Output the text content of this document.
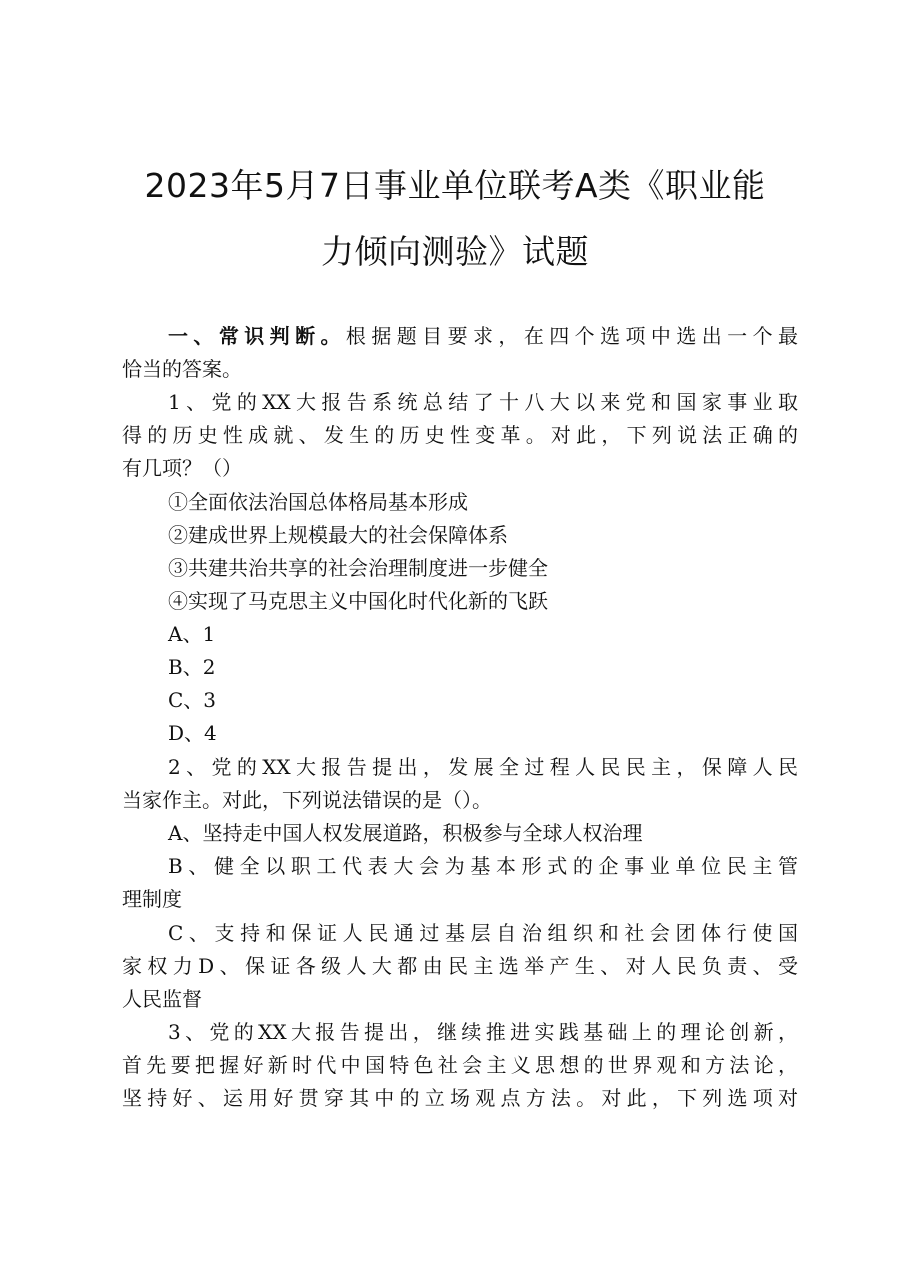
2023年5月7日事业单位联考A类《职业能
力倾向测验》试题
一、常识判断。根据题目要求，在四个选项中选出一个最
恰当的答案。
1、党的XX大报告系统总结了十八大以来党和国家事业取
得的历史性成就、发生的历史性变革。对此，下列说法正确的
有几项？（）
①全面依法治国总体格局基本形成
②建成世界上规模最大的社会保障体系
③共建共治共享的社会治理制度进一步健全
④实现了马克思主义中国化时代化新的飞跃
A、1
B、2
C、3
D、4
2、党的XX大报告提出，发展全过程人民民主，保障人民
当家作主。对此，下列说法错误的是（）。
A、坚持走中国人权发展道路，积极参与全球人权治理
B、健全以职工代表大会为基本形式的企事业单位民主管
理制度
C、支持和保证人民通过基层自治组织和社会团体行使国
家权力D、保证各级人大都由民主选举产生、对人民负责、受
人民监督
3、党的XX大报告提出，继续推进实践基础上的理论创新，
首先要把握好新时代中国特色社会主义思想的世界观和方法论，
坚持好、运用好贯穿其中的立场观点方法。对此，下列选项对
